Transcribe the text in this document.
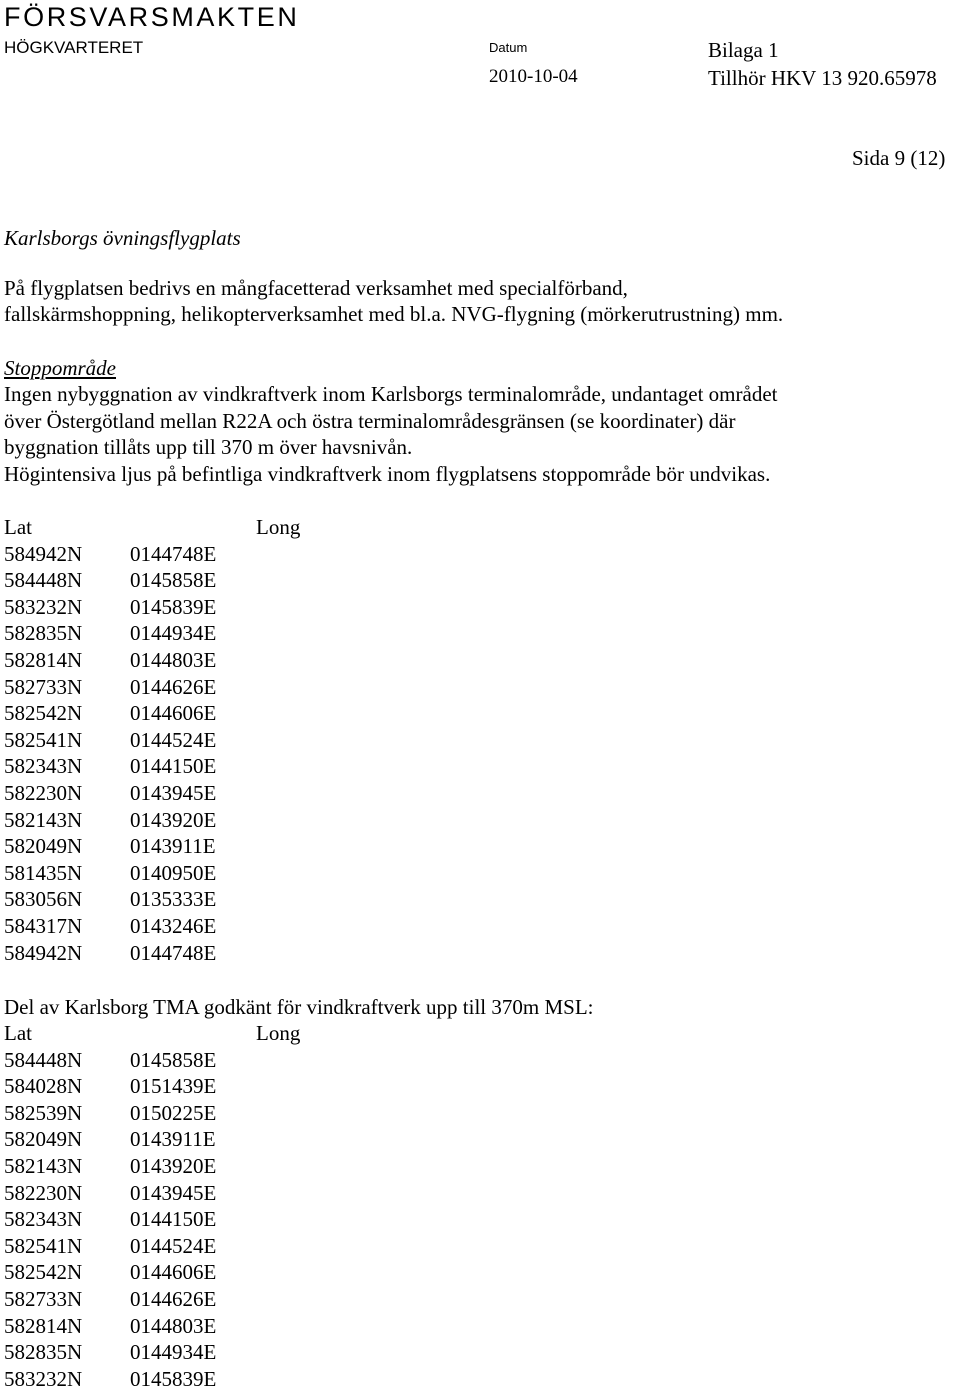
FÖRSVARSMAKTEN
HÖGKVARTERET	Datum
2010-10-04
Bilaga 1
Tillhör HKV 13 920.65978
Sida 9 (12)
Karlsborgs övningsflygplats
På flygplatsen bedrivs en mångfacetterad verksamhet med specialförband,
fallskärmshoppning, helikopterverksamhet med bl.a. NVG-flygning (mörkerutrustning) mm.
Stoppområde
Ingen nybyggnation av vindkraftverk inom Karlsborgs terminalområde, undantaget området
över Östergötland mellan R22A och östra terminalområdesgränsen (se koordinater) där
byggnation tillåts upp till 370 m över havsnivån.
Högintensiva ljus på befintliga vindkraftverk inom flygplatsens stoppområde bör undvikas.
Lat	Long
584942N 0144748E
584448N 0145858E
583232N 0145839E
582835N 0144934E
582814N 0144803E
582733N 0144626E
582542N 0144606E
582541N 0144524E
582343N 0144150E
582230N 0143945E
582143N 0143920E
582049N 0143911E
581435N 0140950E
583056N 0135333E
584317N 0143246E
584942N 0144748E
Del av Karlsborg TMA godkänt för vindkraftverk upp till 370m MSL:
Lat	Long
584448N 0145858E
584028N 0151439E
582539N 0150225E
582049N 0143911E
582143N 0143920E
582230N 0143945E
582343N 0144150E
582541N 0144524E
582542N 0144606E
582733N 0144626E
582814N 0144803E
582835N 0144934E
583232N 0145839E
